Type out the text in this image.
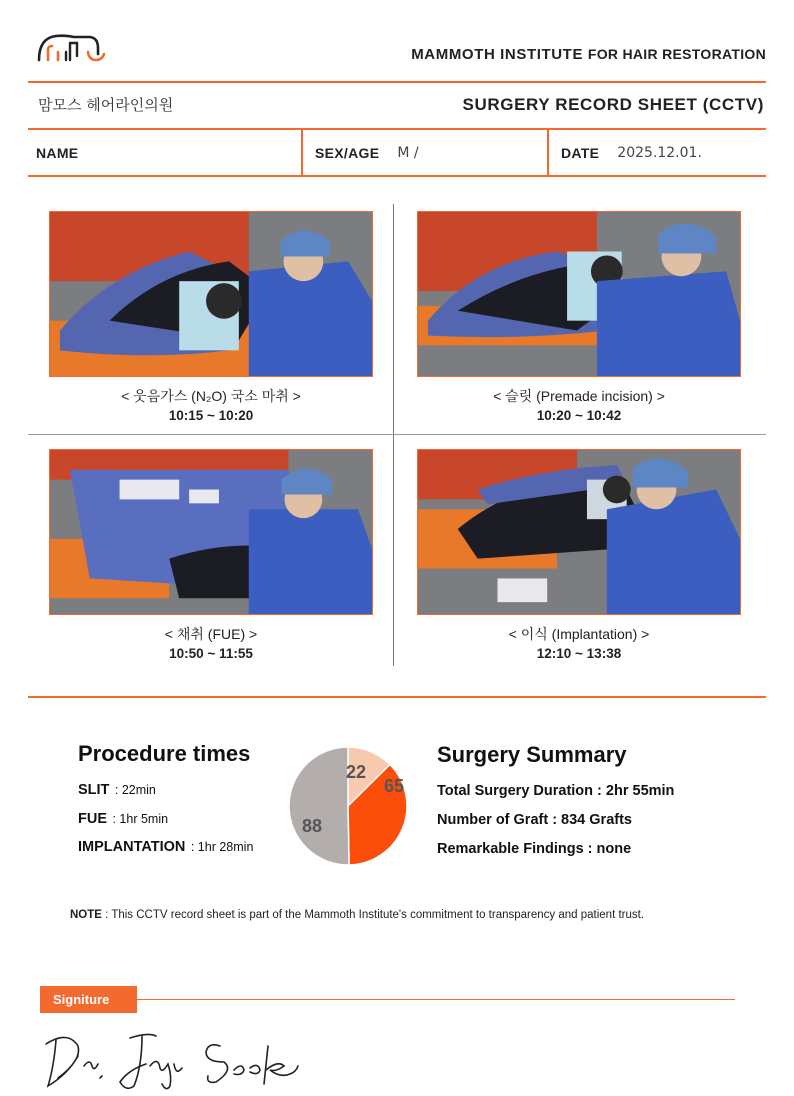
MAMMOTH INSTITUTE FOR HAIR RESTORATION
맘모스 헤어라인의원	SURGERY RECORD SHEET (CCTV)
NAME	SEX/AGE M /	DATE 2025.12.01.
< 웃음가스 (N₂O) 국소 마취 >
10:15 ~ 10:20
< 슬릿 (Premade incision) >
10:20 ~ 10:42
< 채취 (FUE) >
10:50 ~ 11:55
< 이식 (Implantation) >
12:10 ~ 13:38
Procedure times
SLIT : 22min
FUE : 1hr 5min
IMPLANTATION : 1hr 28min
22
65
88
Surgery Summary
Total Surgery Duration : 2hr 55min
Number of Graft : 834 Grafts
Remarkable Findings : none
NOTE : This CCTV record sheet is part of the Mammoth Institute's commitment to transparency and patient trust.
Signiture
